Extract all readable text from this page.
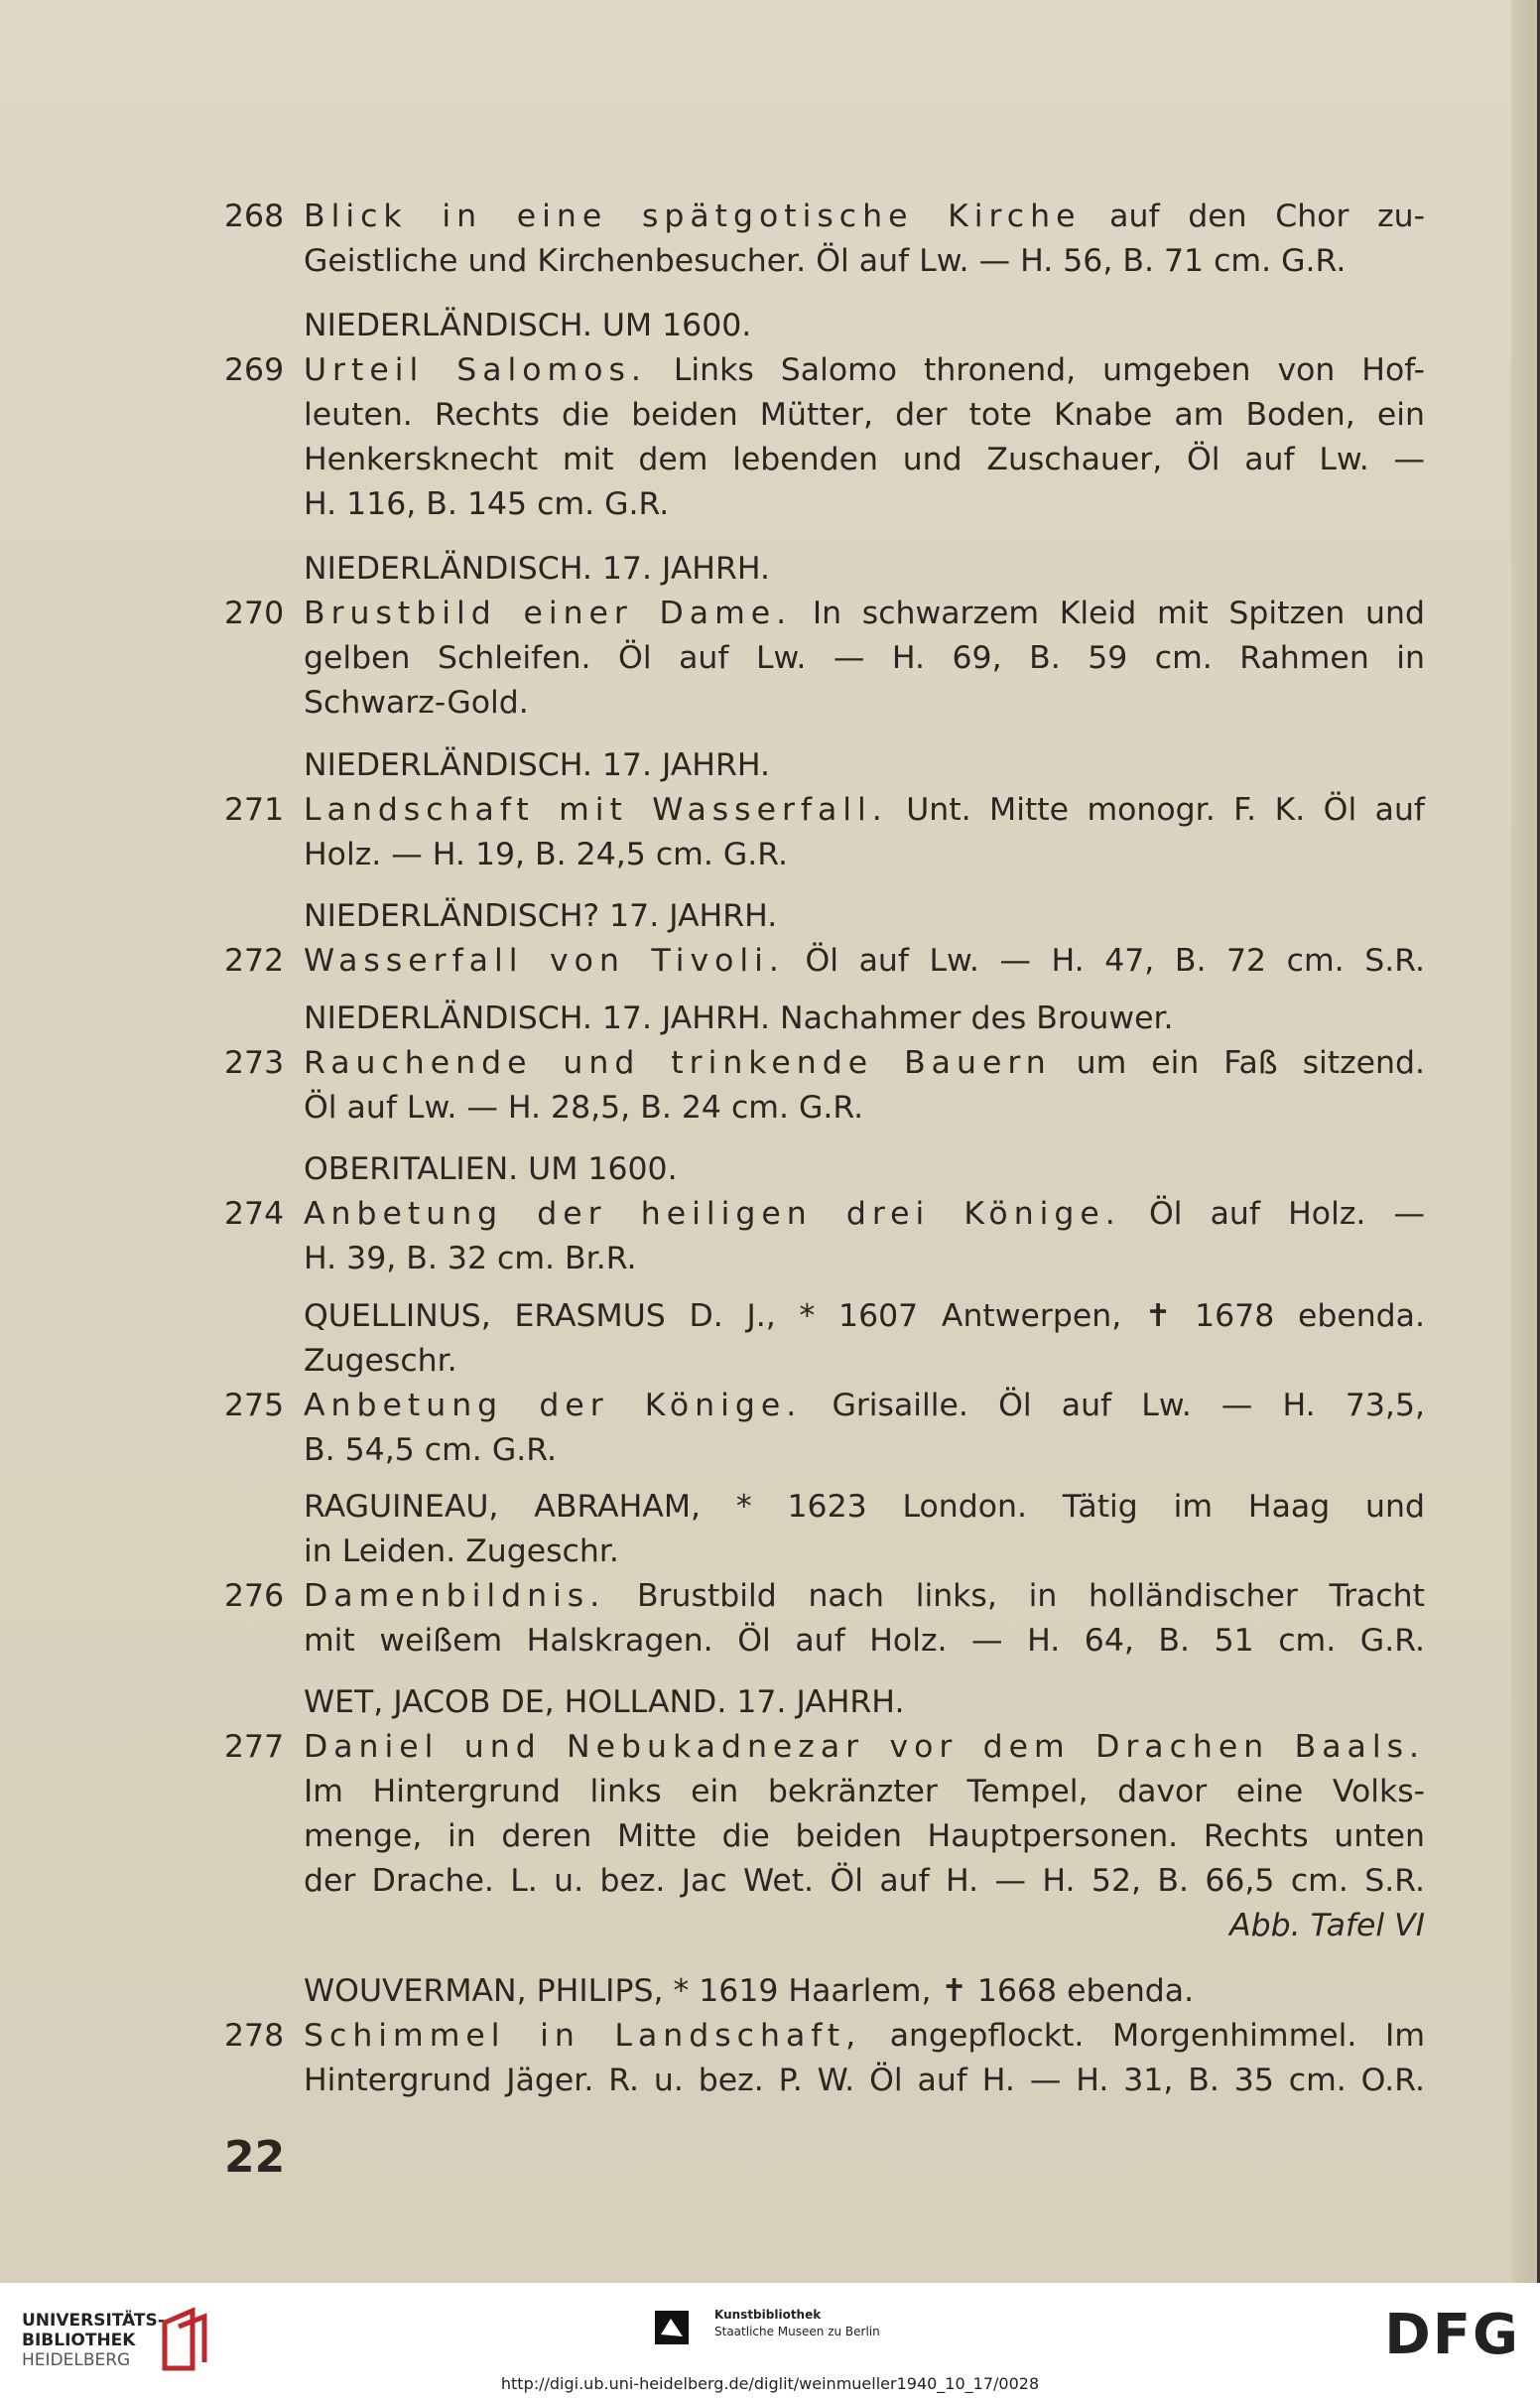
268 Blick in eine spätgotische Kirche auf den Chor zu-

Geistliche und Kirchenbesucher. Öl auf Lw. — H. 56, B. 71 cm. G.R.

NIEDERLÄNDISCH. UM 1600.
269 Urteil Salomos. Links Salomo thronend, umgeben von Hof-

leuten. Rechts die beiden Mütter, der tote Knabe am Boden, ein

Henkersknecht mit dem lebenden und Zuschauer, Öl auf Lw. —

H. 116, B. 145 cm. G.R.

NIEDERLÄNDISCH. 17. JAHRH.
270 Brustbild einer Dame. In schwarzem Kleid mit Spitzen und

gelben Schleifen. Öl auf Lw. — H. 69, B. 59 cm. Rahmen in

Schwarz-Gold.

NIEDERLÄNDISCH. 17. JAHRH.
271 Landschaft mit Wasserfall. Unt. Mitte monogr. F. K. Öl auf

Holz. — H. 19, B. 24,5 cm. G.R.

NIEDERLÄNDISCH? 17. JAHRH.
272 Wasserfall von Tivoli. Öl auf Lw. — H. 47, B. 72 cm. S.R.

NIEDERLÄNDISCH. 17. JAHRH. Nachahmer des Brouwer.
273 Rauchende und trinkende Bauern um ein Faß sitzend.

Öl auf Lw. — H. 28,5, B. 24 cm. G.R.

OBERITALIEN. UM 1600.
274 Anbetung der heiligen drei Könige. Öl auf Holz. —

H. 39, B. 32 cm. Br.R.

QUELLINUS, ERASMUS D. J., * 1607 Antwerpen, ✝ 1678 ebenda.
Zugeschr.
275 Anbetung der Könige. Grisaille. Öl auf Lw. — H. 73,5,

B. 54,5 cm. G.R.

RAGUINEAU, ABRAHAM, * 1623 London. Tätig im Haag und
in Leiden. Zugeschr.
276 Damenbildnis. Brustbild nach links, in holländischer Tracht

mit weißem Halskragen. Öl auf Holz. — H. 64, B. 51 cm. G.R.

WET, JACOB DE, HOLLAND. 17. JAHRH.
277 Daniel und Nebukadnezar vor dem Drachen Baals.

Im Hintergrund links ein bekränzter Tempel, davor eine Volks-

menge, in deren Mitte die beiden Hauptpersonen. Rechts unten

der Drache. L. u. bez. Jac Wet. Öl auf H. — H. 52, B. 66,5 cm. S.R.

Abb. Tafel VI

WOUVERMAN, PHILIPS, * 1619 Haarlem, ✝ 1668 ebenda.
278 Schimmel in Landschaft, angepflockt. Morgenhimmel. Im

Hintergrund Jäger. R. u. bez. P. W. Öl auf H. — H. 31, B. 35 cm. O.R.

22
UNIVERSITÄTS-
BIBLIOTHEK
HEIDELBERG
Kunstbibliothek
Staatliche Museen zu Berlin	DFG
http://digi.ub.uni-heidelberg.de/diglit/weinmueller1940_10_17/0028
